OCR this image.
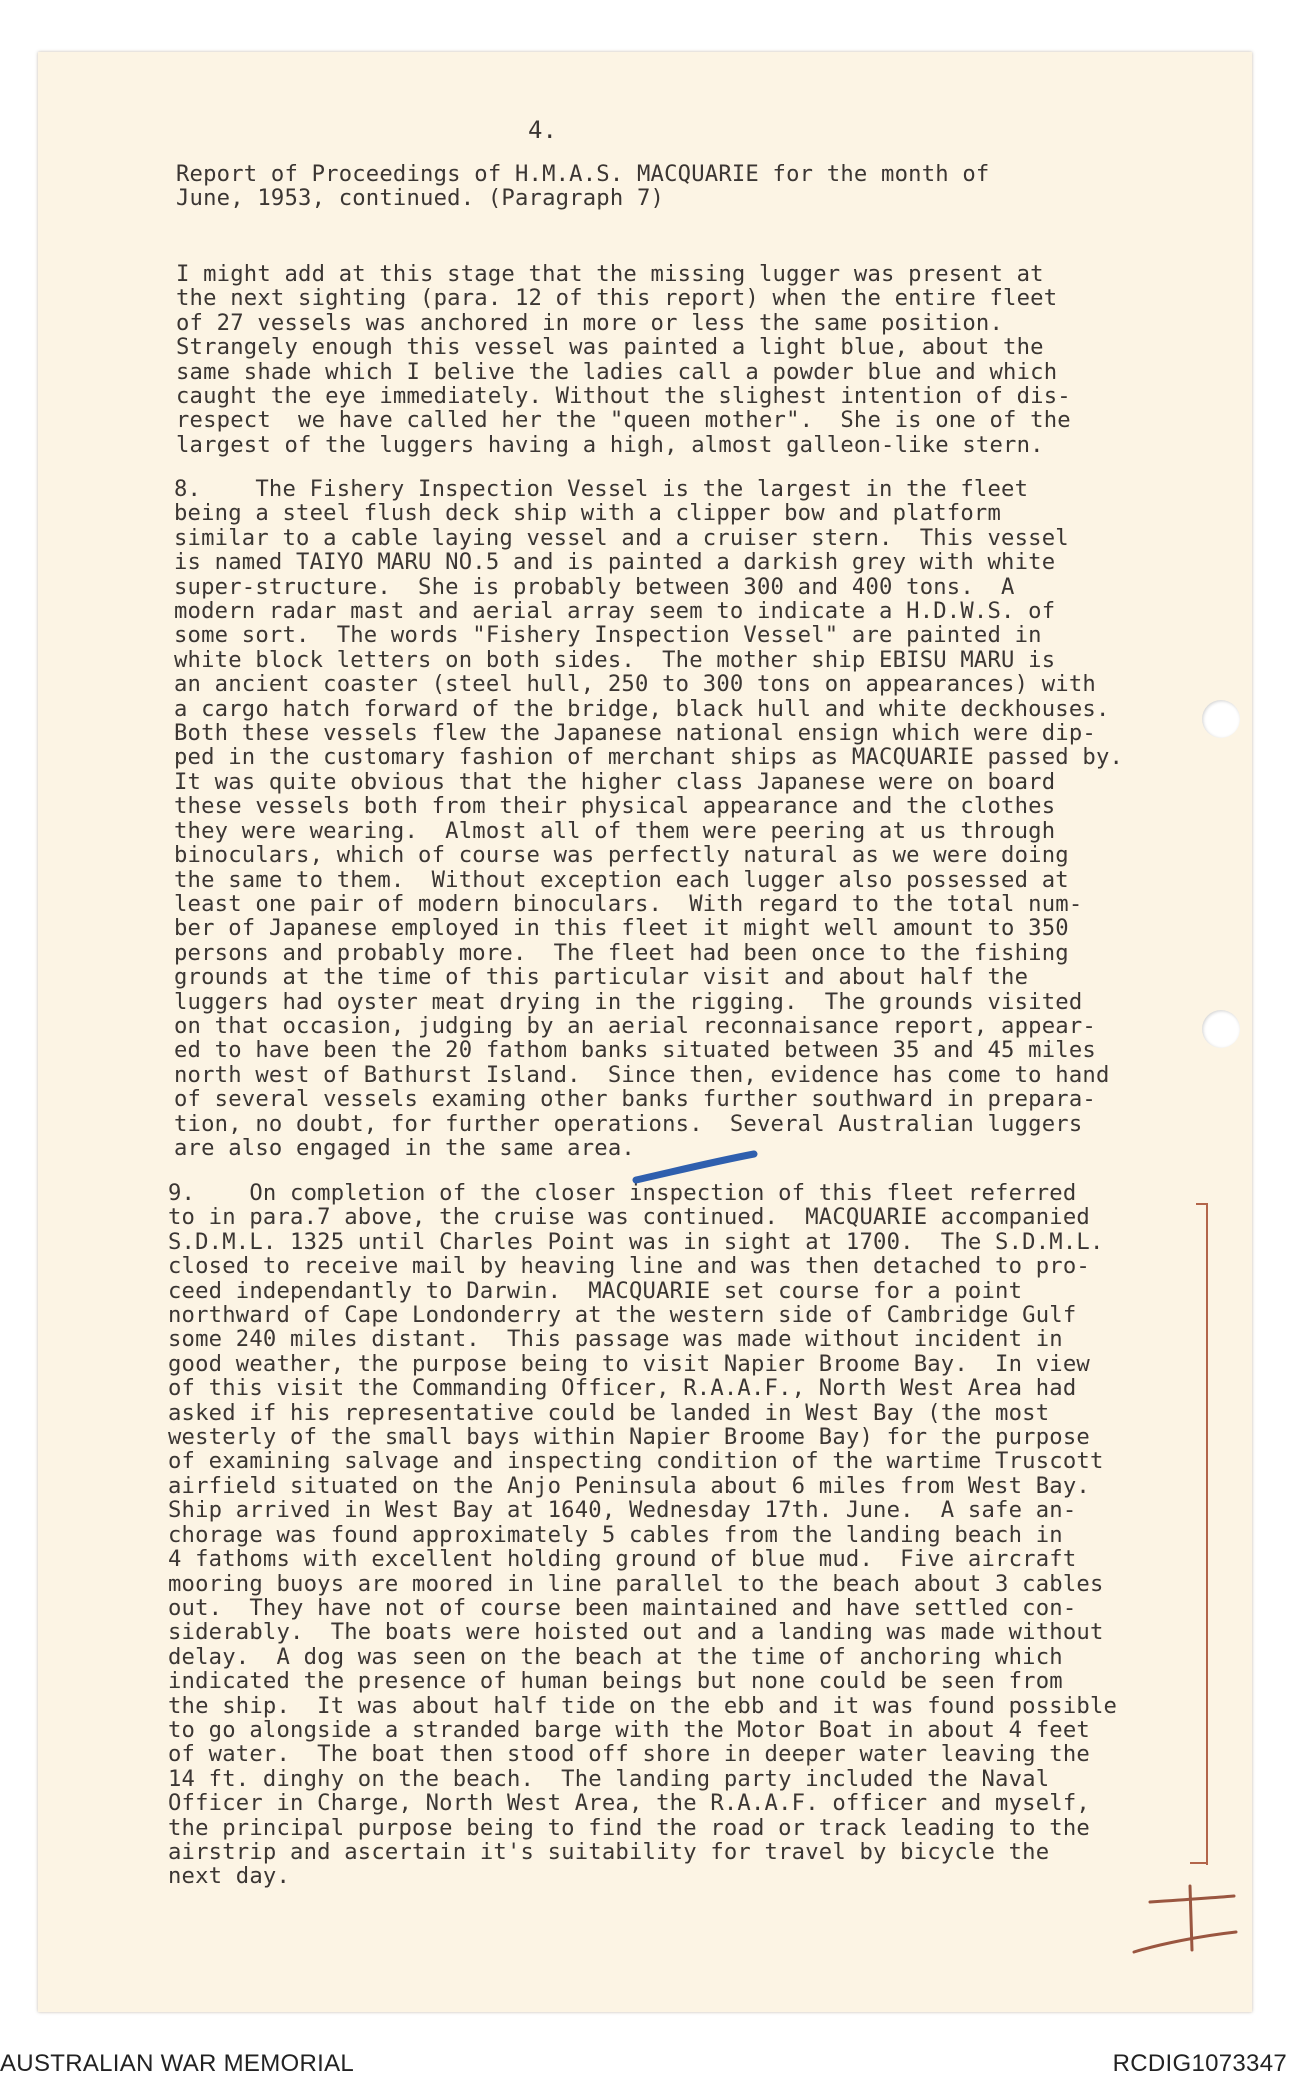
4.
Report of Proceedings of H.M.A.S. MACQUARIE for the month of
June, 1953, continued. (Paragraph 7)
I might add at this stage that the missing lugger was present at
the next sighting (para. 12 of this report) when the entire fleet
of 27 vessels was anchored in more or less the same position.
Strangely enough this vessel was painted a light blue, about the
same shade which I belive the ladies call a powder blue and which
caught the eye immediately. Without the slighest intention of dis-
respect  we have called her the "queen mother".  She is one of the
largest of the luggers having a high, almost galleon-like stern.
8.    The Fishery Inspection Vessel is the largest in the fleet
being a steel flush deck ship with a clipper bow and platform
similar to a cable laying vessel and a cruiser stern.  This vessel
is named TAIYO MARU NO.5 and is painted a darkish grey with white
super-structure.  She is probably between 300 and 400 tons.  A
modern radar mast and aerial array seem to indicate a H.D.W.S. of
some sort.  The words "Fishery Inspection Vessel" are painted in
white block letters on both sides.  The mother ship EBISU MARU is
an ancient coaster (steel hull, 250 to 300 tons on appearances) with
a cargo hatch forward of the bridge, black hull and white deckhouses.
Both these vessels flew the Japanese national ensign which were dip-
ped in the customary fashion of merchant ships as MACQUARIE passed by.
It was quite obvious that the higher class Japanese were on board
these vessels both from their physical appearance and the clothes
they were wearing.  Almost all of them were peering at us through
binoculars, which of course was perfectly natural as we were doing
the same to them.  Without exception each lugger also possessed at
least one pair of modern binoculars.  With regard to the total num-
ber of Japanese employed in this fleet it might well amount to 350
persons and probably more.  The fleet had been once to the fishing
grounds at the time of this particular visit and about half the
luggers had oyster meat drying in the rigging.  The grounds visited
on that occasion, judging by an aerial reconnaisance report, appear-
ed to have been the 20 fathom banks situated between 35 and 45 miles
north west of Bathurst Island.  Since then, evidence has come to hand
of several vessels examing other banks further southward in prepara-
tion, no doubt, for further operations.  Several Australian luggers
are also engaged in the same area.
9.    On completion of the closer inspection of this fleet referred
to in para.7 above, the cruise was continued.  MACQUARIE accompanied
S.D.M.L. 1325 until Charles Point was in sight at 1700.  The S.D.M.L.
closed to receive mail by heaving line and was then detached to pro-
ceed independantly to Darwin.  MACQUARIE set course for a point
northward of Cape Londonderry at the western side of Cambridge Gulf
some 240 miles distant.  This passage was made without incident in
good weather, the purpose being to visit Napier Broome Bay.  In view
of this visit the Commanding Officer, R.A.A.F., North West Area had
asked if his representative could be landed in West Bay (the most
westerly of the small bays within Napier Broome Bay) for the purpose
of examining salvage and inspecting condition of the wartime Truscott
airfield situated on the Anjo Peninsula about 6 miles from West Bay.
Ship arrived in West Bay at 1640, Wednesday 17th. June.  A safe an-
chorage was found approximately 5 cables from the landing beach in
4 fathoms with excellent holding ground of blue mud.  Five aircraft
mooring buoys are moored in line parallel to the beach about 3 cables
out.  They have not of course been maintained and have settled con-
siderably.  The boats were hoisted out and a landing was made without
delay.  A dog was seen on the beach at the time of anchoring which
indicated the presence of human beings but none could be seen from
the ship.  It was about half tide on the ebb and it was found possible
to go alongside a stranded barge with the Motor Boat in about 4 feet
of water.  The boat then stood off shore in deeper water leaving the
14 ft. dinghy on the beach.  The landing party included the Naval
Officer in Charge, North West Area, the R.A.A.F. officer and myself,
the principal purpose being to find the road or track leading to the
airstrip and ascertain it's suitability for travel by bicycle the
next day.
AUSTRALIAN WAR MEMORIAL	RCDIG1073347
